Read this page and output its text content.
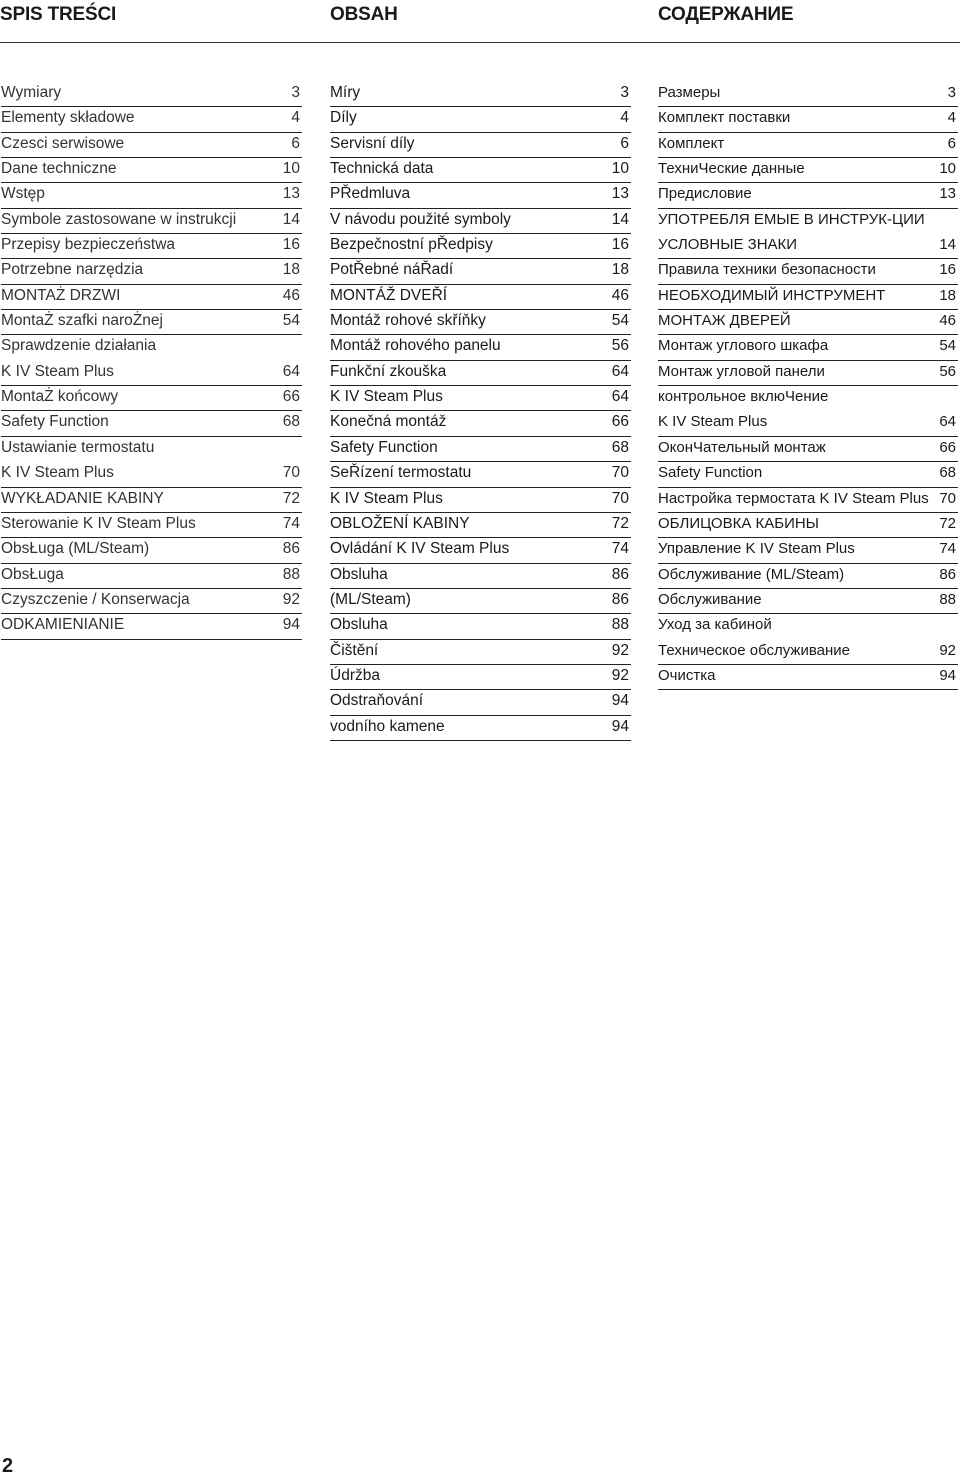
SPIS TREŚCI	OBSAH	СОДЕРЖАНИЕ
Wymiary	3
Elementy składowe	4
Czesci serwisowe	6
Dane techniczne	10
Wstęp	13
Symbole zastosowane w instrukcji	14
Przepisy bezpieczeństwa	16
Potrzebne narzędzia	18
MONTAŻ DRZWI	46
MontaŻ szafki naroŻnej	54
Sprawdzenie działania
K IV Steam Plus	64
MontaŻ końcowy	66
Safety Function	68
Ustawianie termostatu
K IV Steam Plus	70
WYKŁADANIE KABINY	72
Sterowanie K IV Steam Plus	74
ObsŁuga (ML/Steam)	86
ObsŁuga	88
Czyszczenie / Konserwacja	92
ODKAMIENIANIE	94
Míry	3
Díly	4
Servisní díly	6
Technická data	10
PŘedmluva	13
V návodu použité symboly	14
Bezpečnostní pŘedpisy	16
PotŘebné náŘadí	18
MONTÁŽ DVEŘÍ	46
Montáž rohové skříňky	54
Montáž rohového panelu	56
Funkční zkouška	64
K IV Steam Plus	64
Konečná montáž	66
Safety Function	68
SeŘízení termostatu	70
K IV Steam Plus	70
OBLOŽENÍ KABINY	72
Ovládání K IV Steam Plus	74
Obsluha	86
(ML/Steam)	86
Obsluha	88
Čištění	92
Údržba	92
Odstraňování	94
vodního kamene	94
Размеры	3
Комплект поставки	4
Комплект	6
ТехниЧеские данные	10
Предисловие	13
УПОТРЕБЛЯ ЕМЫЕ В ИНСТРУК-ЦИИ
УСЛОВНЫЕ ЗНАКИ	14
Правила техники безопасности	16
НЕОБХОДИМЫЙ ИНСТРУМЕНТ	18
МОНТАЖ ДВЕРЕЙ	46
Монтаж углового шкафа	54
Монтаж угловой панели	56
контрольное вклюЧение
K IV Steam Plus	64
ОконЧательный монтаж	66
Safety Function	68
Настройка термостата K IV Steam Plus 70
ОБЛИЦОВКА КАБИНЫ	72
Управление K IV Steam Plus	74
Обслуживание (ML/Steam)	86
Обслуживание	88
Уход за кабиной
Техническое обслуживание	92
Очистка	94

2
